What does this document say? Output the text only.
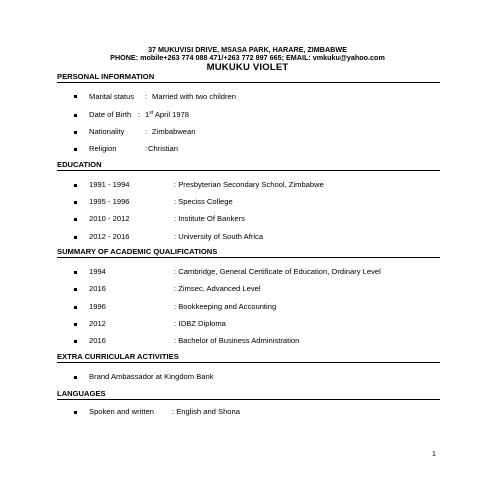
37 MUKUVISI DRIVE, MSASA PARK, HARARE, ZIMBABWE
PHONE: mobile+263 774 088 471/+263 772 897 665; EMAIL: vmkuku@yahoo.com
MUKUKU VIOLET
PERSONAL INFORMATION
Marital status : Married with two children
Date of Birth : 1st April 1978
Nationality	: Zimbabwean
Religion	: Christian
EDUCATION
1991 - 1994	: Presbyterian Secondary School, Zimbabwe
1995 - 1996	: Speciss College
2010 - 2012	: Institute Of Bankers
2012 - 2016	: University of South Africa
SUMMARY OF ACADEMIC QUALIFICATIONS
1994	: Cambridge, General Certificate of Education, Ordinary Level
2016	: Zimsec, Advanced Level
1996	: Bookkeeping and Accounting
2012	: IOBZ Diploma
2016	: Bachelor of Business Administration
EXTRA CURRICULAR ACTIVITIES
Brand Ambassador at Kingdom Bank
LANGUAGES
Spoken and written : English and Shona
1
